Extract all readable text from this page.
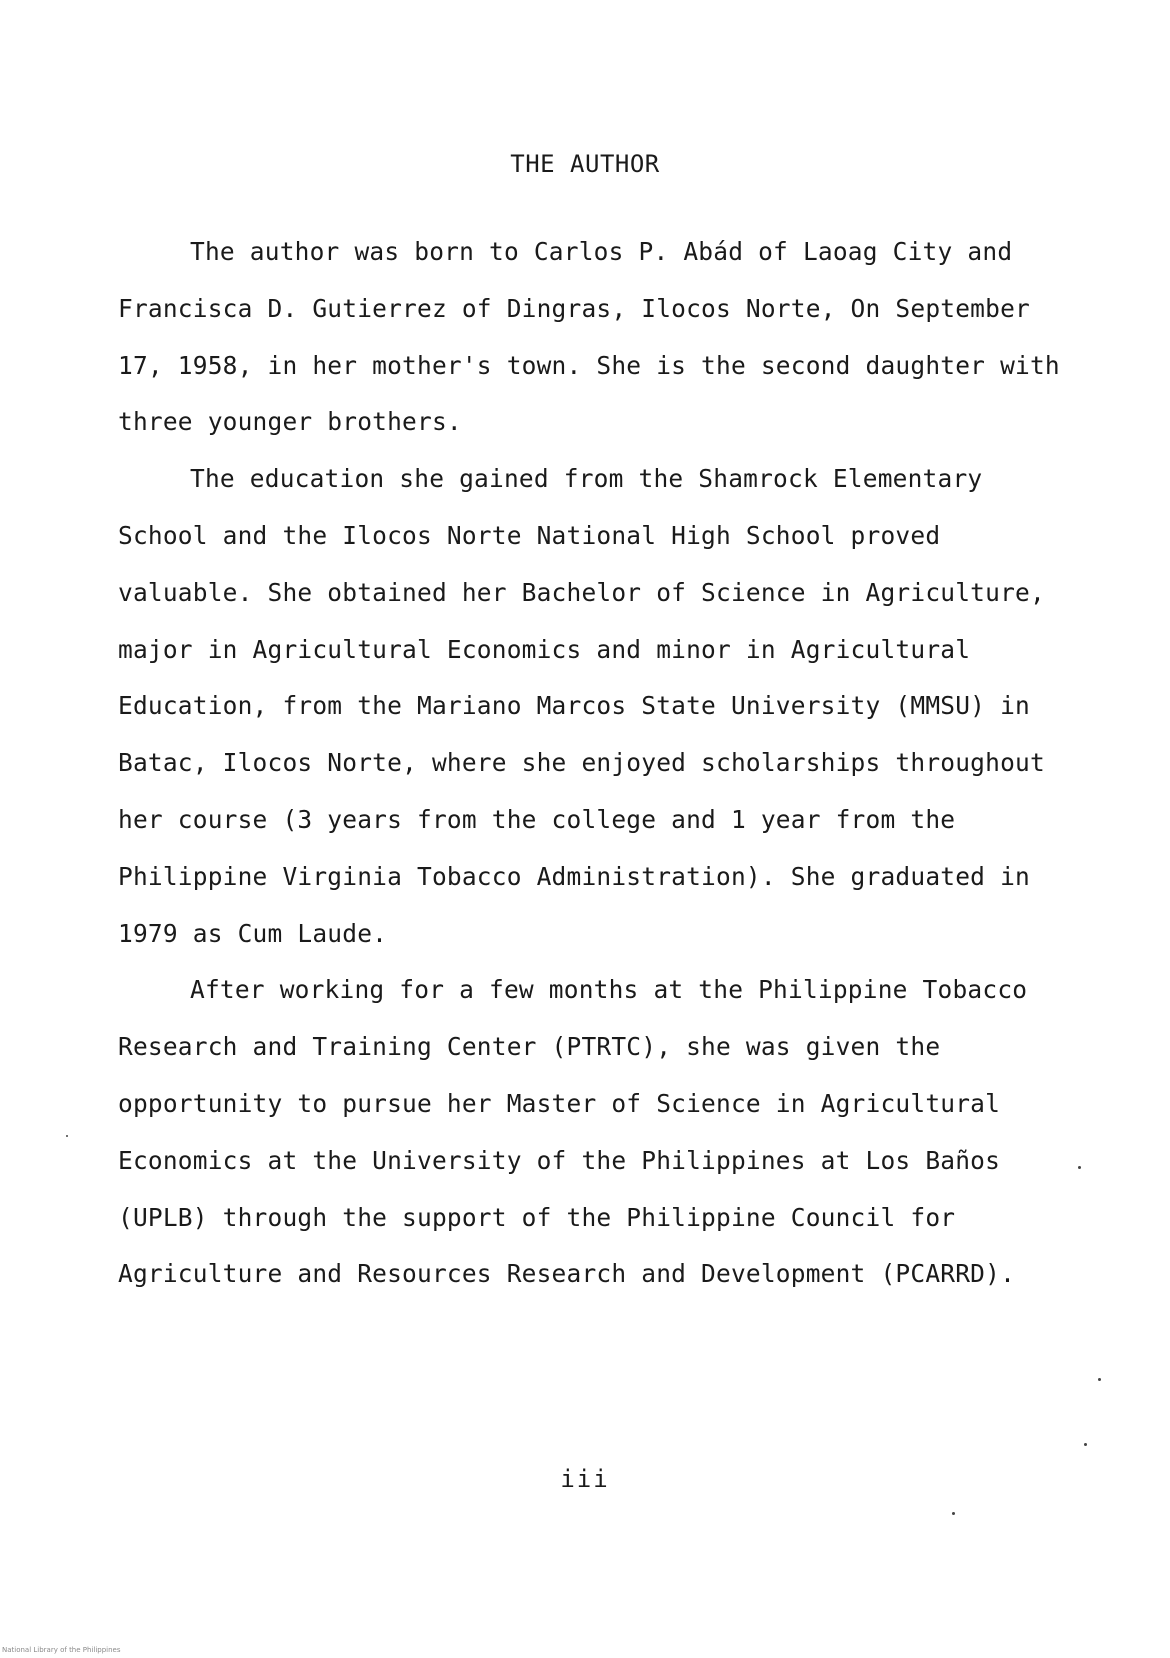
THE AUTHOR

The author was born to Carlos P. Abád of Laoag City and Francisca D. Gutierrez of Dingras, Ilocos Norte, On September 17, 1958, in her mother's town. She is the second daughter with three younger brothers.

The education she gained from the Shamrock Elementary School and the Ilocos Norte National High School proved valuable. She obtained her Bachelor of Science in Agriculture, major in Agricultural Economics and minor in Agricultural Education, from the Mariano Marcos State University (MMSU) in Batac, Ilocos Norte, where she enjoyed scholarships throughout her course (3 years from the college and 1 year from the Philippine Virginia Tobacco Administration). She graduated in 1979 as Cum Laude.

After working for a few months at the Philippine Tobacco Research and Training Center (PTRTC), she was given the opportunity to pursue her Master of Science in Agricultural Economics at the University of the Philippines at Los Baños (UPLB) through the support of the Philippine Council for Agriculture and Resources Research and Development (PCARRD).

iii
National Library of the Philippines
